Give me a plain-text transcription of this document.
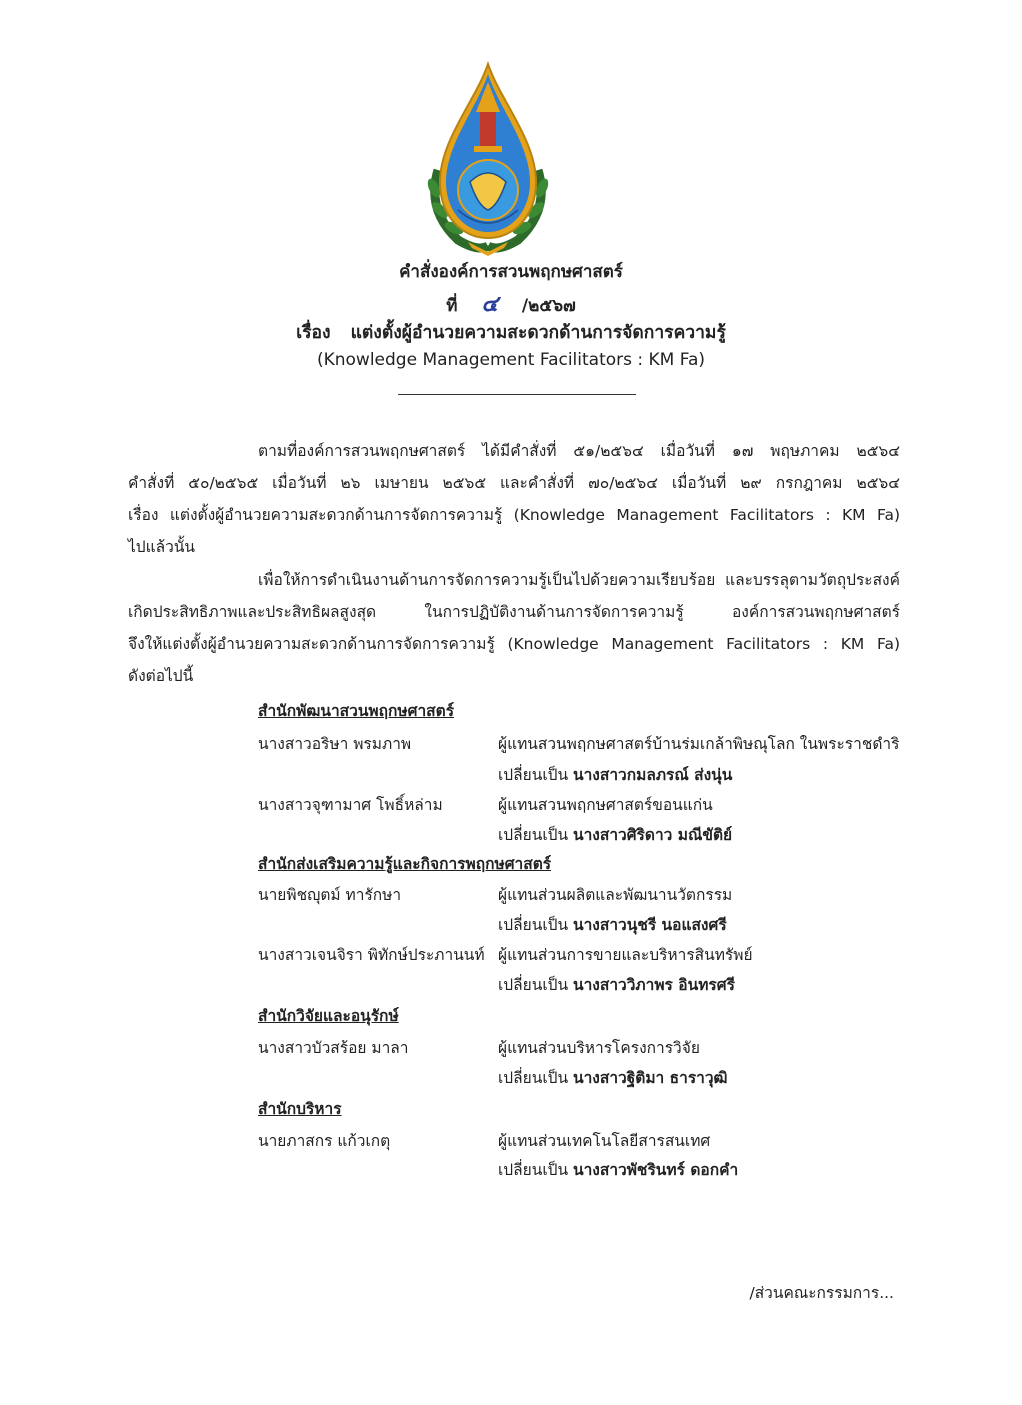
คำสั่งองค์การสวนพฤกษศาสตร์
ที่ ๔ /๒๕๖๗
เรื่อง แต่งตั้งผู้อำนวยความสะดวกด้านการจัดการความรู้
(Knowledge Management Facilitators : KM Fa)
ตามที่องค์การสวนพฤกษศาสตร์ ได้มีคำสั่งที่ ๕๑/๒๕๖๔ เมื่อวันที่ ๑๗ พฤษภาคม ๒๕๖๔
คำสั่งที่ ๕๐/๒๕๖๕ เมื่อวันที่ ๒๖ เมษายน ๒๕๖๕ และคำสั่งที่ ๗๐/๒๕๖๔ เมื่อวันที่ ๒๙ กรกฎาคม ๒๕๖๔
เรื่อง แต่งตั้งผู้อำนวยความสะดวกด้านการจัดการความรู้ (Knowledge Management Facilitators : KM Fa)
ไปแล้วนั้น
เพื่อให้การดำเนินงานด้านการจัดการความรู้เป็นไปด้วยความเรียบร้อย และบรรลุตามวัตถุประสงค์
เกิดประสิทธิภาพและประสิทธิผลสูงสุด ในการปฏิบัติงานด้านการจัดการความรู้ องค์การสวนพฤกษศาสตร์
จึงให้แต่งตั้งผู้อำนวยความสะดวกด้านการจัดการความรู้ (Knowledge Management Facilitators : KM Fa)
ดังต่อไปนี้
สำนักพัฒนาสวนพฤกษศาสตร์
นางสาวอริษา พรมภาพ	ผู้แทนสวนพฤกษศาสตร์บ้านร่มเกล้าพิษณุโลก ในพระราชดำริ
เปลี่ยนเป็น นางสาวกมลภรณ์ ส่งนุ่น
นางสาวจุฑามาศ โพธิ์หล่าม	ผู้แทนสวนพฤกษศาสตร์ขอนแก่น
เปลี่ยนเป็น นางสาวศิริดาว มณีขัติย์
สำนักส่งเสริมความรู้และกิจการพฤกษศาสตร์
นายพิชญุตม์ ทารักษา	ผู้แทนส่วนผลิตและพัฒนานวัตกรรม
เปลี่ยนเป็น นางสาวนุชรี นอแสงศรี
นางสาวเจนจิรา พิทักษ์ประภานนท์ ผู้แทนส่วนการขายและบริหารสินทรัพย์
เปลี่ยนเป็น นางสาววิภาพร อินทรศรี
สำนักวิจัยและอนุรักษ์
นางสาวบัวสร้อย มาลา	ผู้แทนส่วนบริหารโครงการวิจัย
เปลี่ยนเป็น นางสาวฐิติมา ธาราวุฒิ
สำนักบริหาร
นายภาสกร แก้วเกตุ	ผู้แทนส่วนเทคโนโลยีสารสนเทศ
เปลี่ยนเป็น นางสาวพัชรินทร์ ดอกคำ
/ส่วนคณะกรรมการ...
